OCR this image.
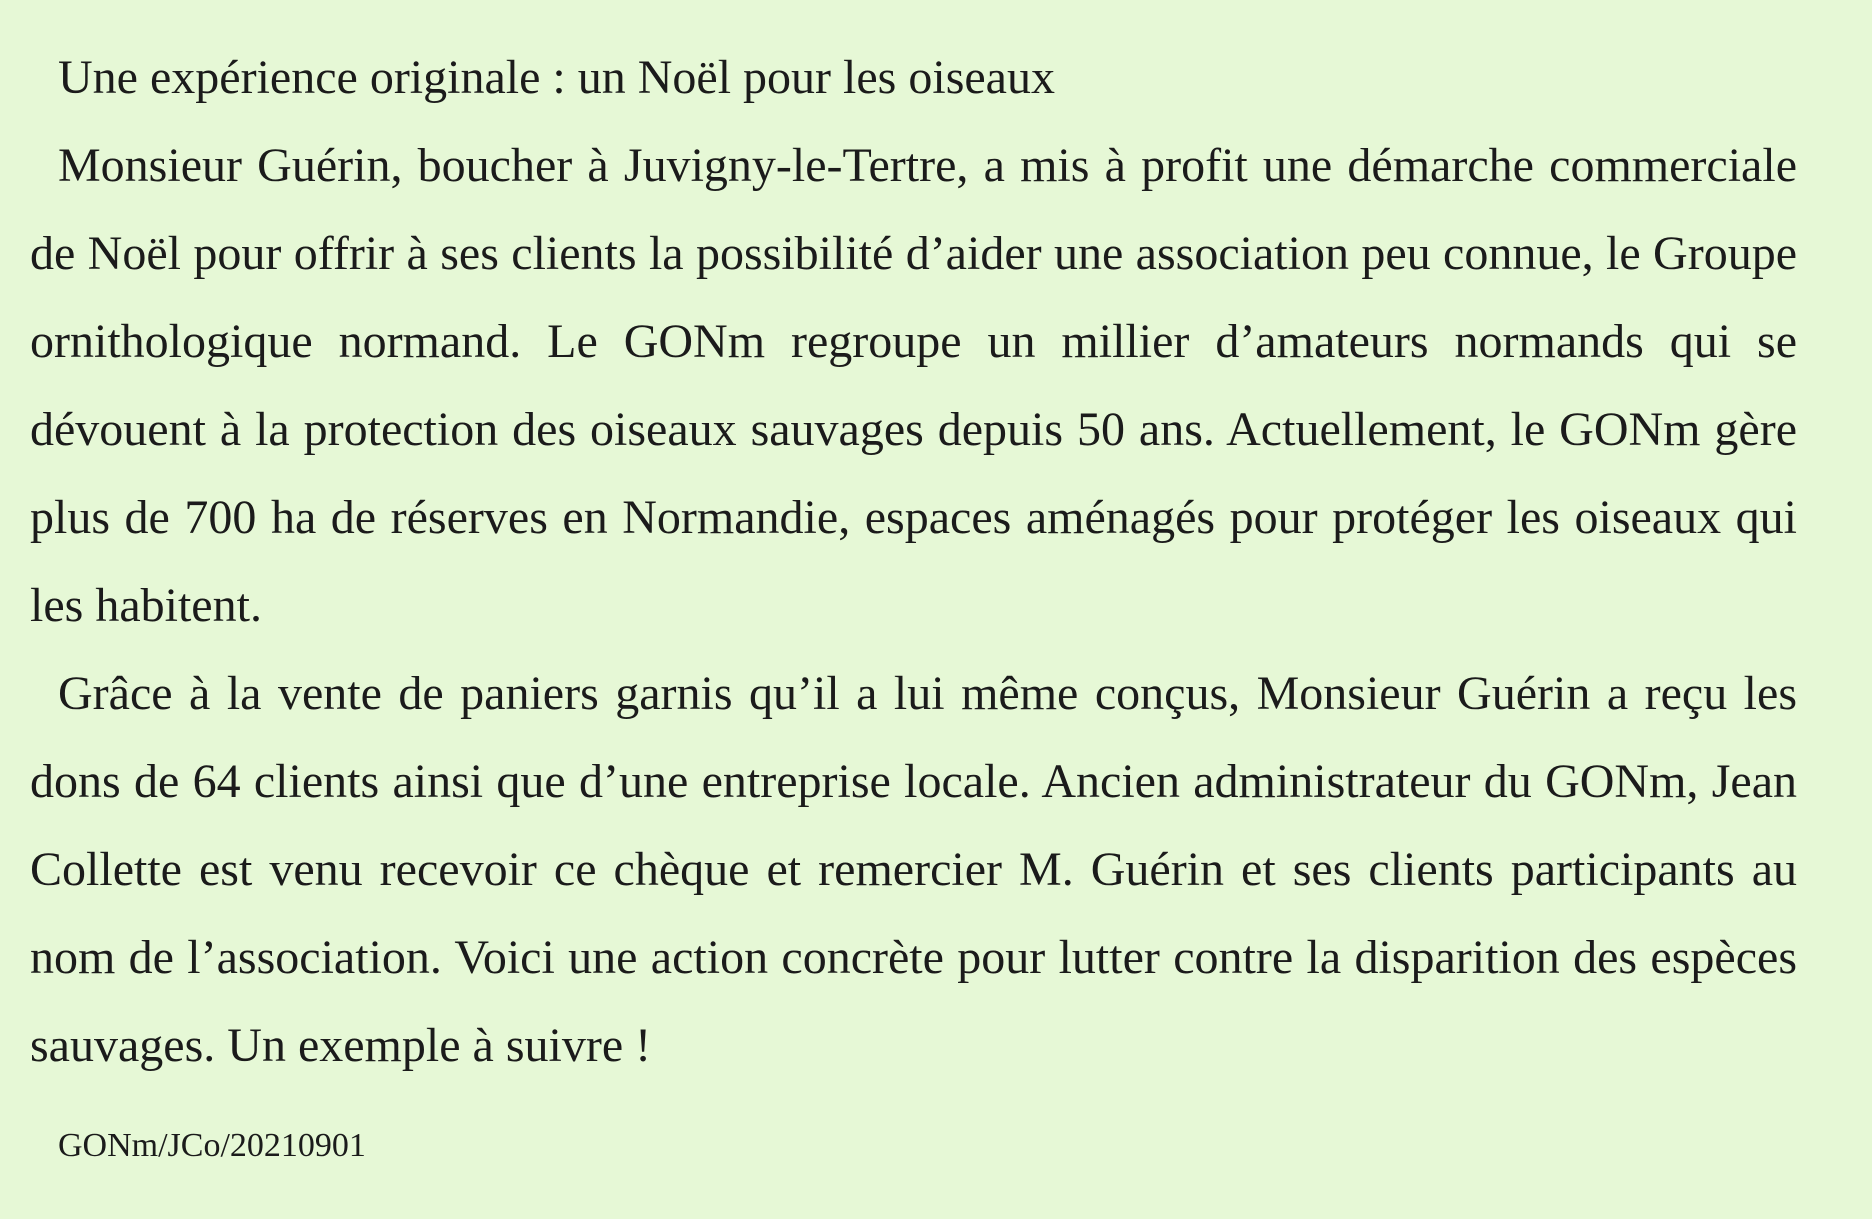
Une expérience originale : un Noël pour les oiseaux

Monsieur Guérin, boucher à Juvigny-le-Tertre, a mis à profit une démarche commerciale de Noël pour offrir à ses clients la possibilité d’aider une association peu connue, le Groupe ornithologique normand. Le GONm regroupe un millier d’amateurs normands qui se dévouent à la protection des oiseaux sauvages depuis 50 ans. Actuellement, le GONm gère plus de 700 ha de réserves en Normandie, espaces aménagés pour protéger les oiseaux qui les habitent.

Grâce à la vente de paniers garnis qu’il a lui même conçus, Monsieur Guérin a reçu les dons de 64 clients ainsi que d’une entreprise locale. Ancien administrateur du GONm, Jean Collette est venu recevoir ce chèque et remercier M. Guérin et ses clients participants au nom de l’association. Voici une action concrète pour lutter contre la disparition des espèces sauvages. Un exemple à suivre !

GONm/JCo/20210901
